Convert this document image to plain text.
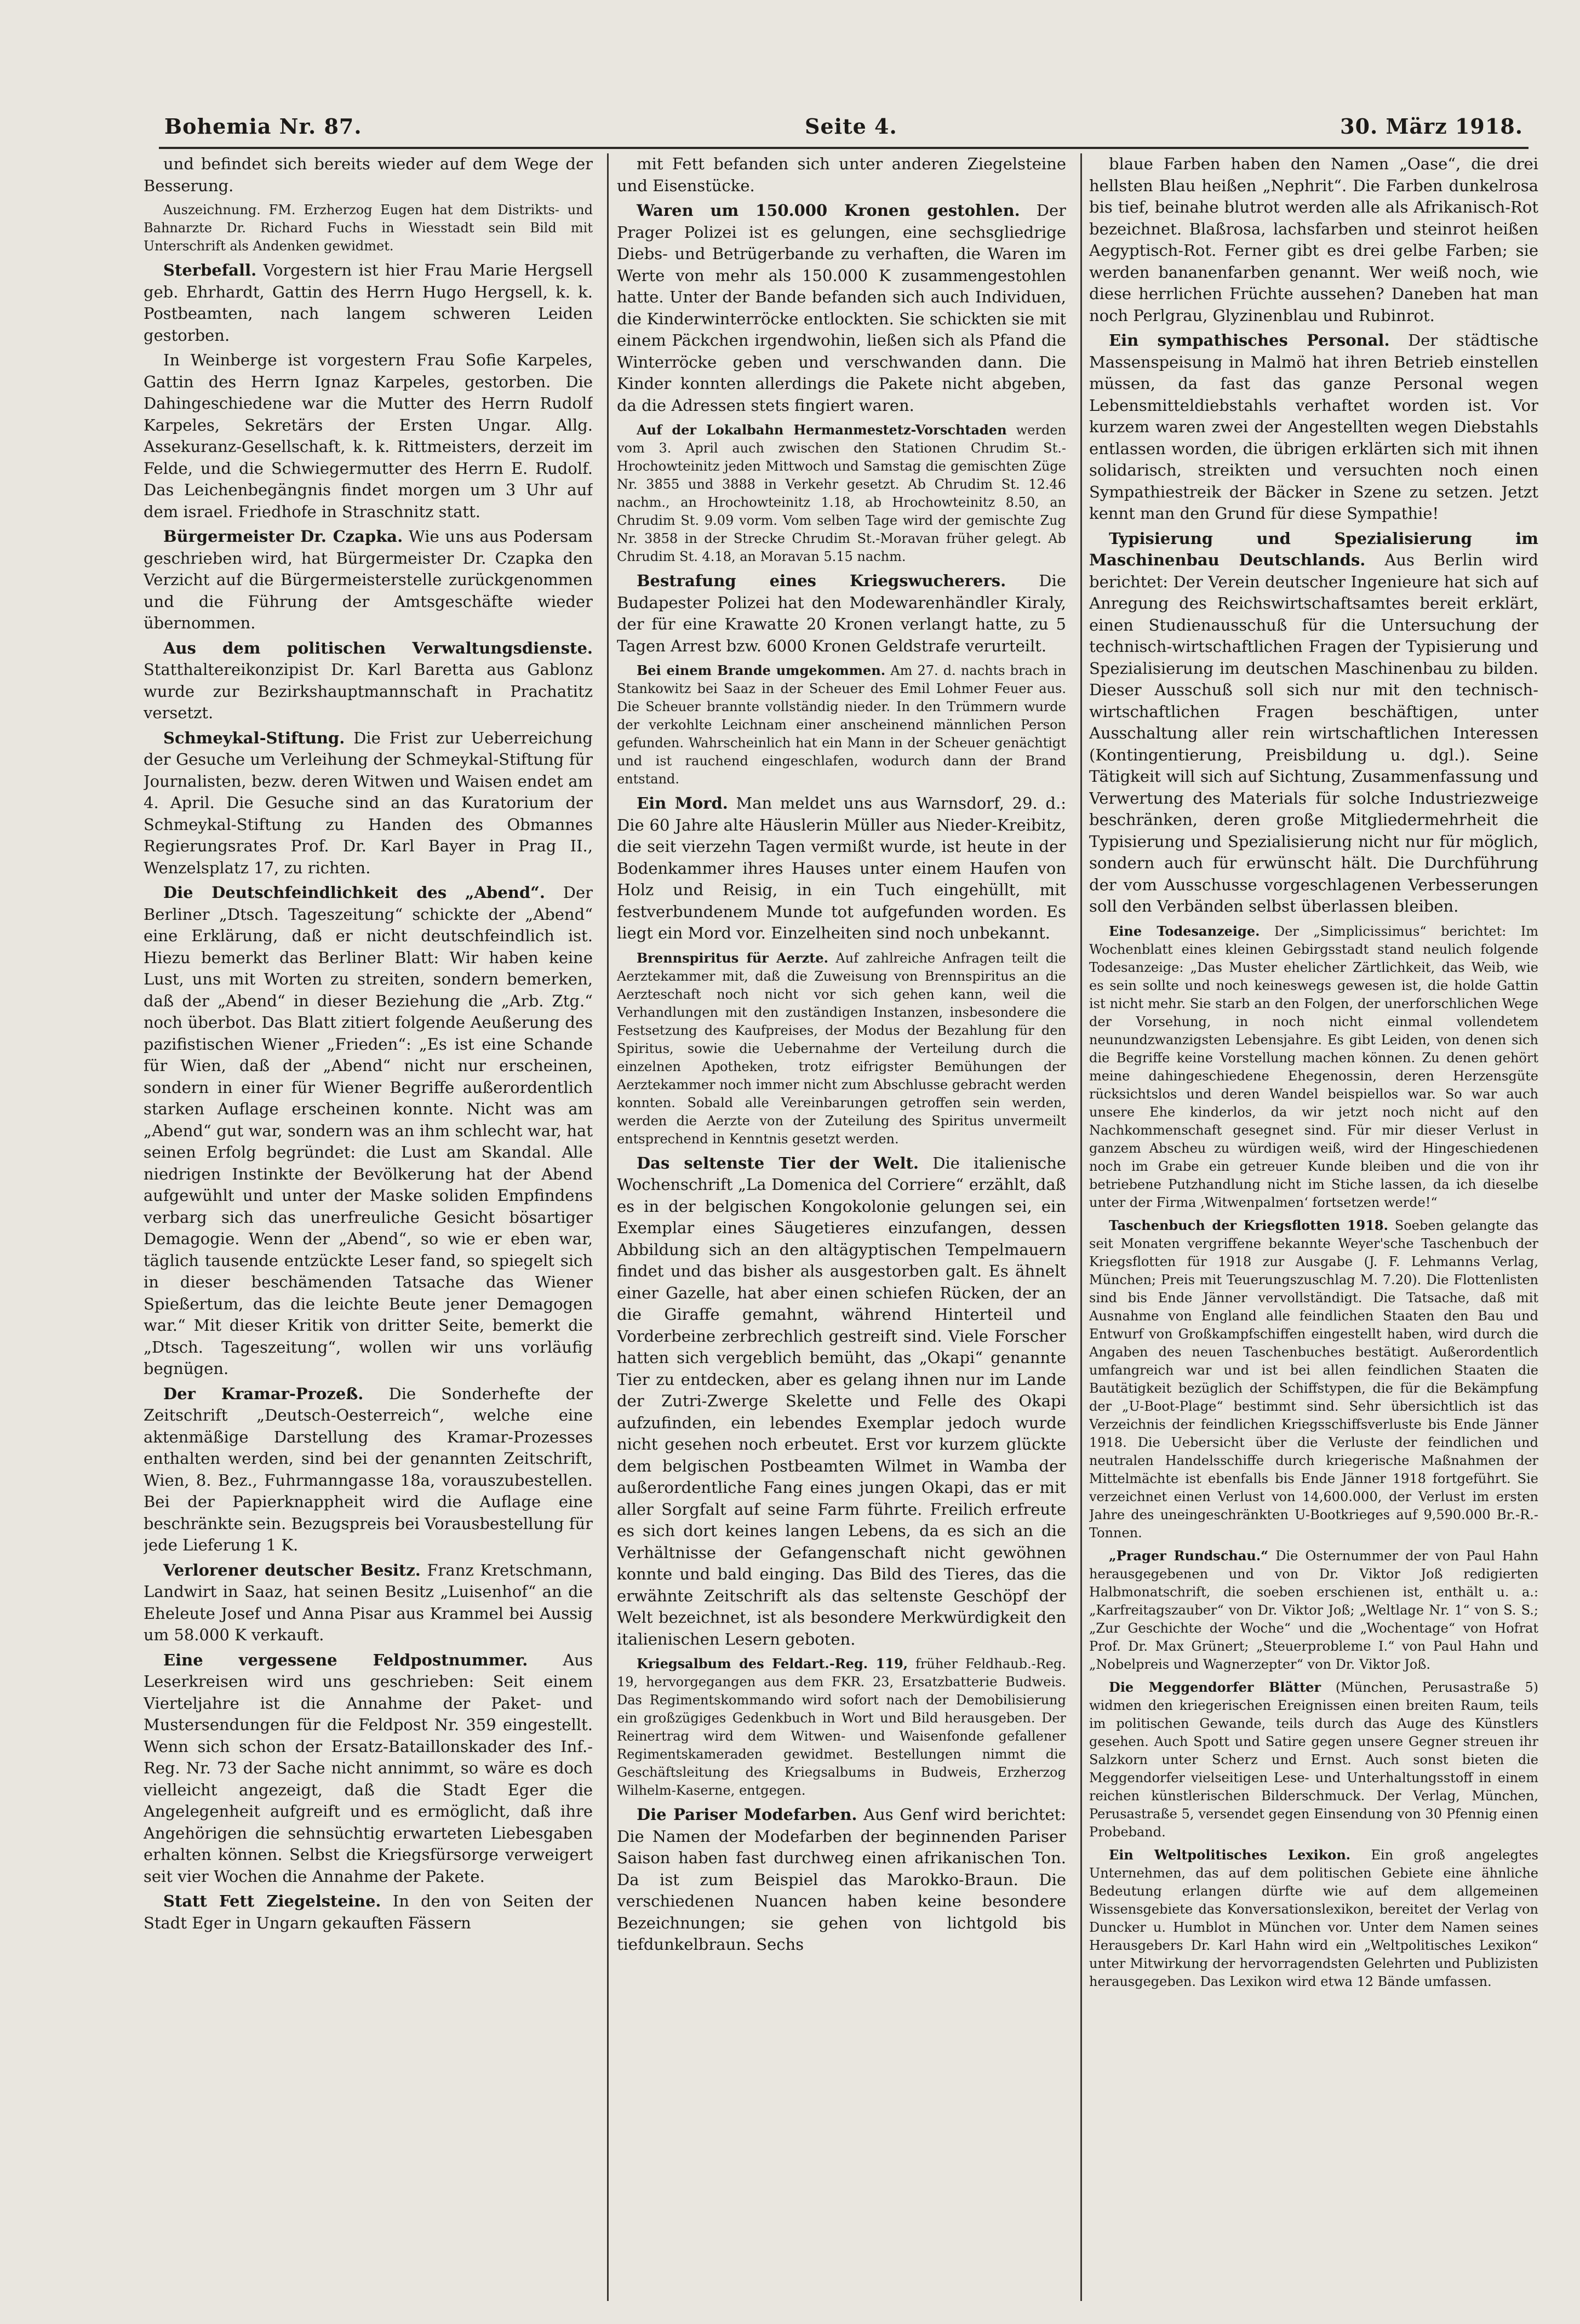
Bohemia Nr. 87.	Seite 4.	30. März 1918.

und befindet sich bereits wieder auf dem Wege der Besserung.

Auszeichnung. FM. Erzherzog Eugen hat dem Distrikts- und Bahnarzte Dr. Richard Fuchs in Wiesstadt sein Bild mit Unterschrift als Andenken gewidmet.

Sterbefall. Vorgestern ist hier Frau Marie Hergsell geb. Ehrhardt, Gattin des Herrn Hugo Hergsell, k. k. Postbeamten, nach langem schweren Leiden gestorben.

In Weinberge ist vorgestern Frau Sofie Karpeles, Gattin des Herrn Ignaz Karpeles, gestorben. Die Dahingeschiedene war die Mutter des Herrn Rudolf Karpeles, Sekretärs der Ersten Ungar. Allg. Assekuranz-Gesellschaft, k. k. Rittmeisters, derzeit im Felde, und die Schwiegermutter des Herrn E. Rudolf. Das Leichenbegängnis findet morgen um 3 Uhr auf dem israel. Friedhofe in Straschnitz statt.

Bürgermeister Dr. Czapka. Wie uns aus Podersam geschrieben wird, hat Bürgermeister Dr. Czapka den Verzicht auf die Bürgermeisterstelle zurückgenommen und die Führung der Amtsgeschäfte wieder übernommen.

Aus dem politischen Verwaltungsdienste. Statthaltereikonzipist Dr. Karl Baretta aus Gablonz wurde zur Bezirkshauptmannschaft in Prachatitz versetzt.

Schmeykal-Stiftung. Die Frist zur Ueberreichung der Gesuche um Verleihung der Schmeykal-Stiftung für Journalisten, bezw. deren Witwen und Waisen endet am 4. April. Die Gesuche sind an das Kuratorium der Schmeykal-Stiftung zu Handen des Obmannes Regierungsrates Prof. Dr. Karl Bayer in Prag II., Wenzelsplatz 17, zu richten.

Die Deutschfeindlichkeit des „Abend“. Der Berliner „Dtsch. Tageszeitung“ schickte der „Abend“ eine Erklärung, daß er nicht deutschfeindlich ist. Hiezu bemerkt das Berliner Blatt: Wir haben keine Lust, uns mit Worten zu streiten, sondern bemerken, daß der „Abend“ in dieser Beziehung die „Arb. Ztg.“ noch überbot. Das Blatt zitiert folgende Aeußerung des pazifistischen Wiener „Frieden“: „Es ist eine Schande für Wien, daß der „Abend“ nicht nur erscheinen, sondern in einer für Wiener Begriffe außerordentlich starken Auflage erscheinen konnte. Nicht was am „Abend“ gut war, sondern was an ihm schlecht war, hat seinen Erfolg begründet: die Lust am Skandal. Alle niedrigen Instinkte der Bevölkerung hat der Abend aufgewühlt und unter der Maske soliden Empfindens verbarg sich das unerfreuliche Gesicht bösartiger Demagogie. Wenn der „Abend“, so wie er eben war, täglich tausende entzückte Leser fand, so spiegelt sich in dieser beschämenden Tatsache das Wiener Spießertum, das die leichte Beute jener Demagogen war.“ Mit dieser Kritik von dritter Seite, bemerkt die „Dtsch. Tageszeitung“, wollen wir uns vorläufig begnügen.

Der Kramar-Prozeß. Die Sonderhefte der Zeitschrift „Deutsch-Oesterreich“, welche eine aktenmäßige Darstellung des Kramar-Prozesses enthalten werden, sind bei der genannten Zeitschrift, Wien, 8. Bez., Fuhrmanngasse 18a, vorauszubestellen. Bei der Papierknappheit wird die Auflage eine beschränkte sein. Bezugspreis bei Vorausbestellung für jede Lieferung 1 K.

Verlorener deutscher Besitz. Franz Kretschmann, Landwirt in Saaz, hat seinen Besitz „Luisenhof“ an die Eheleute Josef und Anna Pisar aus Krammel bei Aussig um 58.000 K verkauft.

Eine vergessene Feldpostnummer. Aus Leserkreisen wird uns geschrieben: Seit einem Vierteljahre ist die Annahme der Paket- und Mustersendungen für die Feldpost Nr. 359 eingestellt. Wenn sich schon der Ersatz-Bataillonskader des Inf.-Reg. Nr. 73 der Sache nicht annimmt, so wäre es doch vielleicht angezeigt, daß die Stadt Eger die Angelegenheit aufgreift und es ermöglicht, daß ihre Angehörigen die sehnsüchtig erwarteten Liebesgaben erhalten können. Selbst die Kriegsfürsorge verweigert seit vier Wochen die Annahme der Pakete.

Statt Fett Ziegelsteine. In den von Seiten der Stadt Eger in Ungarn gekauften Fässern

mit Fett befanden sich unter anderen Ziegelsteine und Eisenstücke.

Waren um 150.000 Kronen gestohlen. Der Prager Polizei ist es gelungen, eine sechsgliedrige Diebs- und Betrügerbande zu verhaften, die Waren im Werte von mehr als 150.000 K zusammengestohlen hatte. Unter der Bande befanden sich auch Individuen, die Kinderwinterröcke entlockten. Sie schickten sie mit einem Päckchen irgendwohin, ließen sich als Pfand die Winterröcke geben und verschwanden dann. Die Kinder konnten allerdings die Pakete nicht abgeben, da die Adressen stets fingiert waren.

Auf der Lokalbahn Hermanmestetz-Vorschtaden werden vom 3. April auch zwischen den Stationen Chrudim St.-Hrochowteinitz jeden Mittwoch und Samstag die gemischten Züge Nr. 3855 und 3888 in Verkehr gesetzt. Ab Chrudim St. 12.46 nachm., an Hrochowteinitz 1.18, ab Hrochowteinitz 8.50, an Chrudim St. 9.09 vorm. Vom selben Tage wird der gemischte Zug Nr. 3858 in der Strecke Chrudim St.-Moravan früher gelegt. Ab Chrudim St. 4.18, an Moravan 5.15 nachm.

Bestrafung eines Kriegswucherers. Die Budapester Polizei hat den Modewarenhändler Kiraly, der für eine Krawatte 20 Kronen verlangt hatte, zu 5 Tagen Arrest bzw. 6000 Kronen Geldstrafe verurteilt.

Bei einem Brande umgekommen. Am 27. d. nachts brach in Stankowitz bei Saaz in der Scheuer des Emil Lohmer Feuer aus. Die Scheuer brannte vollständig nieder. In den Trümmern wurde der verkohlte Leichnam einer anscheinend männlichen Person gefunden. Wahrscheinlich hat ein Mann in der Scheuer genächtigt und ist rauchend eingeschlafen, wodurch dann der Brand entstand.

Ein Mord. Man meldet uns aus Warnsdorf, 29. d.: Die 60 Jahre alte Häuslerin Müller aus Nieder-Kreibitz, die seit vierzehn Tagen vermißt wurde, ist heute in der Bodenkammer ihres Hauses unter einem Haufen von Holz und Reisig, in ein Tuch eingehüllt, mit festverbundenem Munde tot aufgefunden worden. Es liegt ein Mord vor. Einzelheiten sind noch unbekannt.

Brennspiritus für Aerzte. Auf zahlreiche Anfragen teilt die Aerztekammer mit, daß die Zuweisung von Brennspiritus an die Aerzteschaft noch nicht vor sich gehen kann, weil die Verhandlungen mit den zuständigen Instanzen, insbesondere die Festsetzung des Kaufpreises, der Modus der Bezahlung für den Spiritus, sowie die Uebernahme der Verteilung durch die einzelnen Apotheken, trotz eifrigster Bemühungen der Aerztekammer noch immer nicht zum Abschlusse gebracht werden konnten. Sobald alle Vereinbarungen getroffen sein werden, werden die Aerzte von der Zuteilung des Spiritus unvermeilt entsprechend in Kenntnis gesetzt werden.

Das seltenste Tier der Welt. Die italienische Wochenschrift „La Domenica del Corriere“ erzählt, daß es in der belgischen Kongokolonie gelungen sei, ein Exemplar eines Säugetieres einzufangen, dessen Abbildung sich an den altägyptischen Tempelmauern findet und das bisher als ausgestorben galt. Es ähnelt einer Gazelle, hat aber einen schiefen Rücken, der an die Giraffe gemahnt, während Hinterteil und Vorderbeine zerbrechlich gestreift sind. Viele Forscher hatten sich vergeblich bemüht, das „Okapi“ genannte Tier zu entdecken, aber es gelang ihnen nur im Lande der Zutri-Zwerge Skelette und Felle des Okapi aufzufinden, ein lebendes Exemplar jedoch wurde nicht gesehen noch erbeutet. Erst vor kurzem glückte dem belgischen Postbeamten Wilmet in Wamba der außerordentliche Fang eines jungen Okapi, das er mit aller Sorgfalt auf seine Farm führte. Freilich erfreute es sich dort keines langen Lebens, da es sich an die Verhältnisse der Gefangenschaft nicht gewöhnen konnte und bald einging. Das Bild des Tieres, das die erwähnte Zeitschrift als das seltenste Geschöpf der Welt bezeichnet, ist als besondere Merkwürdigkeit den italienischen Lesern geboten.

Kriegsalbum des Feldart.-Reg. 119, früher Feldhaub.-Reg. 19, hervorgegangen aus dem FKR. 23, Ersatzbatterie Budweis. Das Regimentskommando wird sofort nach der Demobilisierung ein großzügiges Gedenkbuch in Wort und Bild herausgeben. Der Reinertrag wird dem Witwen- und Waisenfonde gefallener Regimentskameraden gewidmet. Bestellungen nimmt die Geschäftsleitung des Kriegsalbums in Budweis, Erzherzog Wilhelm-Kaserne, entgegen.

Die Pariser Modefarben. Aus Genf wird berichtet: Die Namen der Modefarben der beginnenden Pariser Saison haben fast durchweg einen afrikanischen Ton. Da ist zum Beispiel das Marokko-Braun. Die verschiedenen Nuancen haben keine besondere Bezeichnungen; sie gehen von lichtgold bis tiefdunkelbraun. Sechs

blaue Farben haben den Namen „Oase“, die drei hellsten Blau heißen „Nephrit“. Die Farben dunkelrosa bis tief, beinahe blutrot werden alle als Afrikanisch-Rot bezeichnet. Blaßrosa, lachsfarben und steinrot heißen Aegyptisch-Rot. Ferner gibt es drei gelbe Farben; sie werden bananenfarben genannt. Wer weiß noch, wie diese herrlichen Früchte aussehen? Daneben hat man noch Perlgrau, Glyzinenblau und Rubinrot.

Ein sympathisches Personal. Der städtische Massenspeisung in Malmö hat ihren Betrieb einstellen müssen, da fast das ganze Personal wegen Lebensmitteldiebstahls verhaftet worden ist. Vor kurzem waren zwei der Angestellten wegen Diebstahls entlassen worden, die übrigen erklärten sich mit ihnen solidarisch, streikten und versuchten noch einen Sympathiestreik der Bäcker in Szene zu setzen. Jetzt kennt man den Grund für diese Sympathie!

Typisierung und Spezialisierung im Maschinenbau Deutschlands. Aus Berlin wird berichtet: Der Verein deutscher Ingenieure hat sich auf Anregung des Reichswirtschaftsamtes bereit erklärt, einen Studienausschuß für die Untersuchung der technisch-wirtschaftlichen Fragen der Typisierung und Spezialisierung im deutschen Maschinenbau zu bilden. Dieser Ausschuß soll sich nur mit den technisch-wirtschaftlichen Fragen beschäftigen, unter Ausschaltung aller rein wirtschaftlichen Interessen (Kontingentierung, Preisbildung u. dgl.). Seine Tätigkeit will sich auf Sichtung, Zusammenfassung und Verwertung des Materials für solche Industriezweige beschränken, deren große Mitgliedermehrheit die Typisierung und Spezialisierung nicht nur für möglich, sondern auch für erwünscht hält. Die Durchführung der vom Ausschusse vorgeschlagenen Verbesserungen soll den Verbänden selbst überlassen bleiben.

Eine Todesanzeige. Der „Simplicissimus“ berichtet: Im Wochenblatt eines kleinen Gebirgsstadt stand neulich folgende Todesanzeige: „Das Muster ehelicher Zärtlichkeit, das Weib, wie es sein sollte und noch keineswegs gewesen ist, die holde Gattin ist nicht mehr. Sie starb an den Folgen, der unerforschlichen Wege der Vorsehung, in noch nicht einmal vollendetem neunundzwanzigsten Lebensjahre. Es gibt Leiden, von denen sich die Begriffe keine Vorstellung machen können. Zu denen gehört meine dahingeschiedene Ehegenossin, deren Herzensgüte rücksichtslos und deren Wandel beispiellos war. So war auch unsere Ehe kinderlos, da wir jetzt noch nicht auf den Nachkommenschaft gesegnet sind. Für mir dieser Verlust in ganzem Abscheu zu würdigen weiß, wird der Hingeschiedenen noch im Grabe ein getreuer Kunde bleiben und die von ihr betriebene Putzhandlung nicht im Stiche lassen, da ich dieselbe unter der Firma ‚Witwenpalmen‘ fortsetzen werde!“

Taschenbuch der Kriegsflotten 1918. Soeben gelangte das seit Monaten vergriffene bekannte Weyer'sche Taschenbuch der Kriegsflotten für 1918 zur Ausgabe (J. F. Lehmanns Verlag, München; Preis mit Teuerungszuschlag M. 7.20). Die Flottenlisten sind bis Ende Jänner vervollständigt. Die Tatsache, daß mit Ausnahme von England alle feindlichen Staaten den Bau und Entwurf von Großkampfschiffen eingestellt haben, wird durch die Angaben des neuen Taschenbuches bestätigt. Außerordentlich umfangreich war und ist bei allen feindlichen Staaten die Bautätigkeit bezüglich der Schiffstypen, die für die Bekämpfung der „U-Boot-Plage“ bestimmt sind. Sehr übersichtlich ist das Verzeichnis der feindlichen Kriegsschiffsverluste bis Ende Jänner 1918. Die Uebersicht über die Verluste der feindlichen und neutralen Handelsschiffe durch kriegerische Maßnahmen der Mittelmächte ist ebenfalls bis Ende Jänner 1918 fortgeführt. Sie verzeichnet einen Verlust von 14,600.000, der Verlust im ersten Jahre des uneingeschränkten U-Bootkrieges auf 9,590.000 Br.-R.-Tonnen.

„Prager Rundschau.“ Die Osternummer der von Paul Hahn herausgegebenen und von Dr. Viktor Joß redigierten Halbmonatschrift, die soeben erschienen ist, enthält u. a.: „Karfreitagszauber“ von Dr. Viktor Joß; „Weltlage Nr. 1“ von S. S.; „Zur Geschichte der Woche“ und die „Wochentage“ von Hofrat Prof. Dr. Max Grünert; „Steuerprobleme I.“ von Paul Hahn und „Nobelpreis und Wagnerzepter“ von Dr. Viktor Joß.

Die Meggendorfer Blätter (München, Perusastraße 5) widmen den kriegerischen Ereignissen einen breiten Raum, teils im politischen Gewande, teils durch das Auge des Künstlers gesehen. Auch Spott und Satire gegen unsere Gegner streuen ihr Salzkorn unter Scherz und Ernst. Auch sonst bieten die Meggendorfer vielseitigen Lese- und Unterhaltungsstoff in einem reichen künstlerischen Bilderschmuck. Der Verlag, München, Perusastraße 5, versendet gegen Einsendung von 30 Pfennig einen Probeband.

Ein Weltpolitisches Lexikon. Ein groß angelegtes Unternehmen, das auf dem politischen Gebiete eine ähnliche Bedeutung erlangen dürfte wie auf dem allgemeinen Wissensgebiete das Konversationslexikon, bereitet der Verlag von Duncker u. Humblot in München vor. Unter dem Namen seines Herausgebers Dr. Karl Hahn wird ein „Weltpolitisches Lexikon“ unter Mitwirkung der hervorragendsten Gelehrten und Publizisten herausgegeben. Das Lexikon wird etwa 12 Bände umfassen.
